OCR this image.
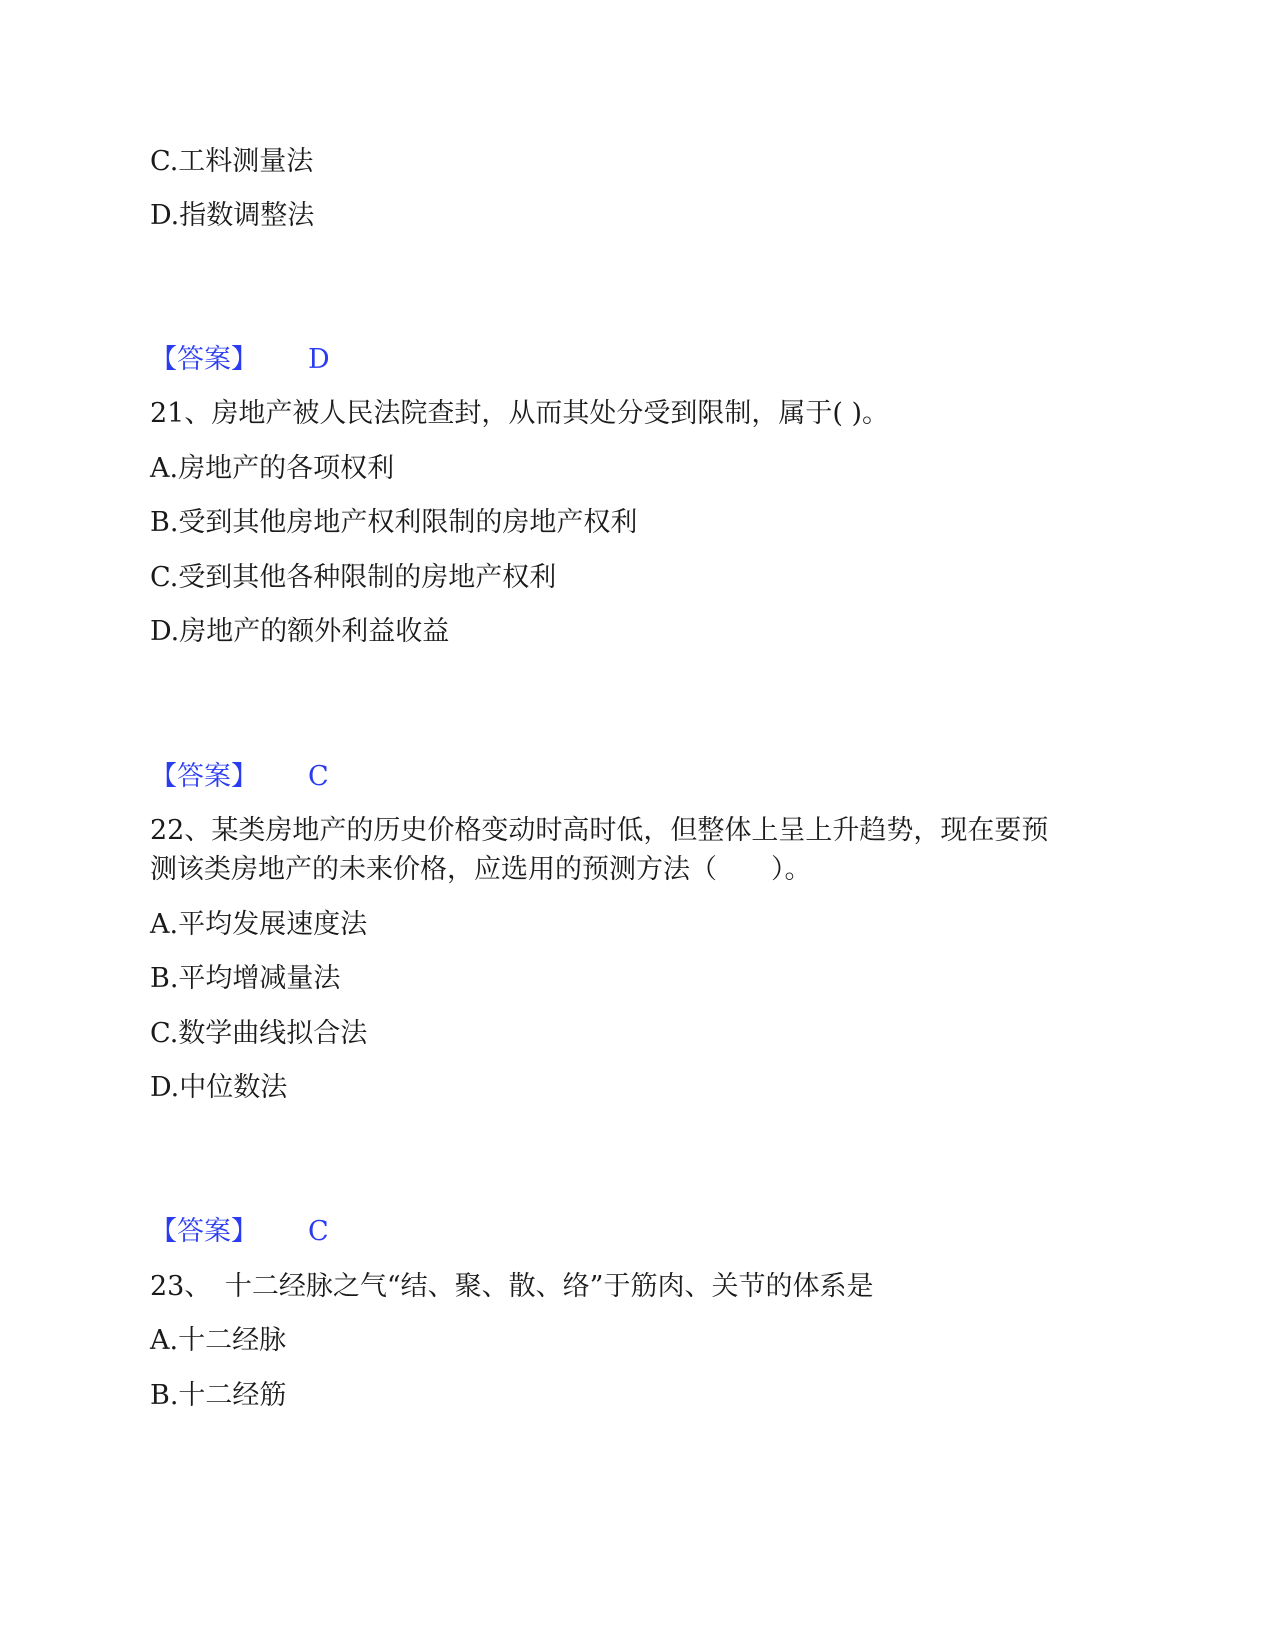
C.工料测量法
D.指数调整法
【答案】 D
21、房地产被人民法院查封，从而其处分受到限制，属于( )。
A.房地产的各项权利
B.受到其他房地产权利限制的房地产权利
C.受到其他各种限制的房地产权利
D.房地产的额外利益收益
【答案】 C
22、某类房地产的历史价格变动时高时低，但整体上呈上升趋势，现在要预
测该类房地产的未来价格，应选用的预测方法（　　）。
A.平均发展速度法
B.平均增减量法
C.数学曲线拟合法
D.中位数法
【答案】 C
23、　十二经脉之气“结、聚、散、络”于筋肉、关节的体系是
A.十二经脉
B.十二经筋
